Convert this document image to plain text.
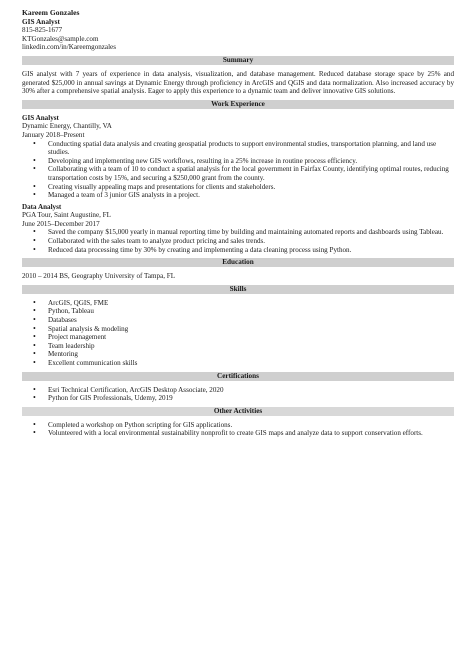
Kareem Gonzales
GIS Analyst
815-825-1677
KTGonzales@sample.com
linkedin.com/in/Kareemgonzales
Summary
GIS analyst with 7 years of experience in data analysis, visualization, and database management. Reduced database storage space by 25% and generated $25,000 in annual savings at Dynamic Energy through proficiency in ArcGIS and QGIS and data normalization. Also increased accuracy by 30% after a comprehensive spatial analysis. Eager to apply this experience to a dynamic team and deliver innovative GIS solutions.
Work Experience
GIS Analyst
Dynamic Energy, Chantilly, VA
January 2018–Present
• Conducting spatial data analysis and creating geospatial products to support environmental studies, transportation planning, and land use studies.
• Developing and implementing new GIS workflows, resulting in a 25% increase in routine process efficiency.
• Collaborating with a team of 10 to conduct a spatial analysis for the local government in Fairfax County, identifying optimal routes, reducing transportation costs by 15%, and securing a $250,000 grant from the county.
• Creating visually appealing maps and presentations for clients and stakeholders.
• Managed a team of 3 junior GIS analysts in a project.
Data Analyst
PGA Tour, Saint Augustine, FL
June 2015–December 2017
• Saved the company $15,000 yearly in manual reporting time by building and maintaining automated reports and dashboards using Tableau.
• Collaborated with the sales team to analyze product pricing and sales trends.
• Reduced data processing time by 30% by creating and implementing a data cleaning process using Python.
Education
2010 – 2014 BS, Geography University of Tampa, FL
Skills
• ArcGIS, QGIS, FME
• Python, Tableau
• Databases
• Spatial analysis & modeling
• Project management
• Team leadership
• Mentoring
• Excellent communication skills
Certifications
• Esri Technical Certification, ArcGIS Desktop Associate, 2020
• Python for GIS Professionals, Udemy, 2019
Other Activities
• Completed a workshop on Python scripting for GIS applications.
• Volunteered with a local environmental sustainability nonprofit to create GIS maps and analyze data to support conservation efforts.
